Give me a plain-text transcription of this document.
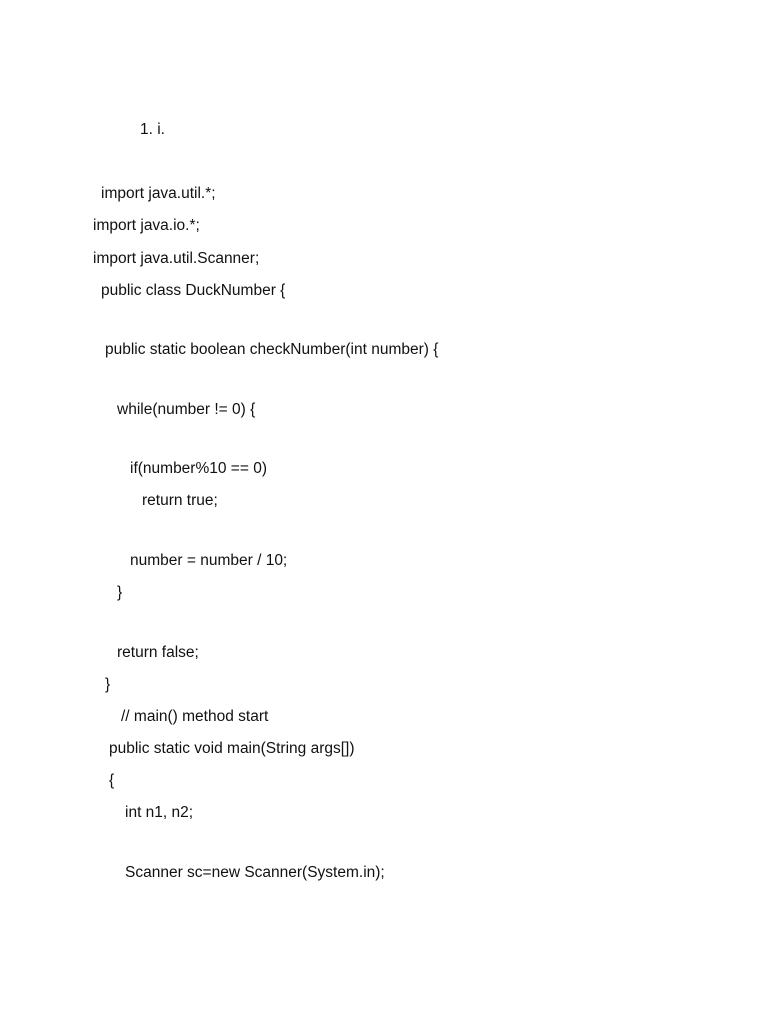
1. i.
import java.util.*;
import java.io.*;
import java.util.Scanner;
public class DuckNumber {
public static boolean checkNumber(int number) {
while(number != 0) {
if(number%10 == 0)
return true;
number = number / 10;
}
return false;
}
// main() method start
public static void main(String args[])
{
int n1, n2;
Scanner sc=new Scanner(System.in);
